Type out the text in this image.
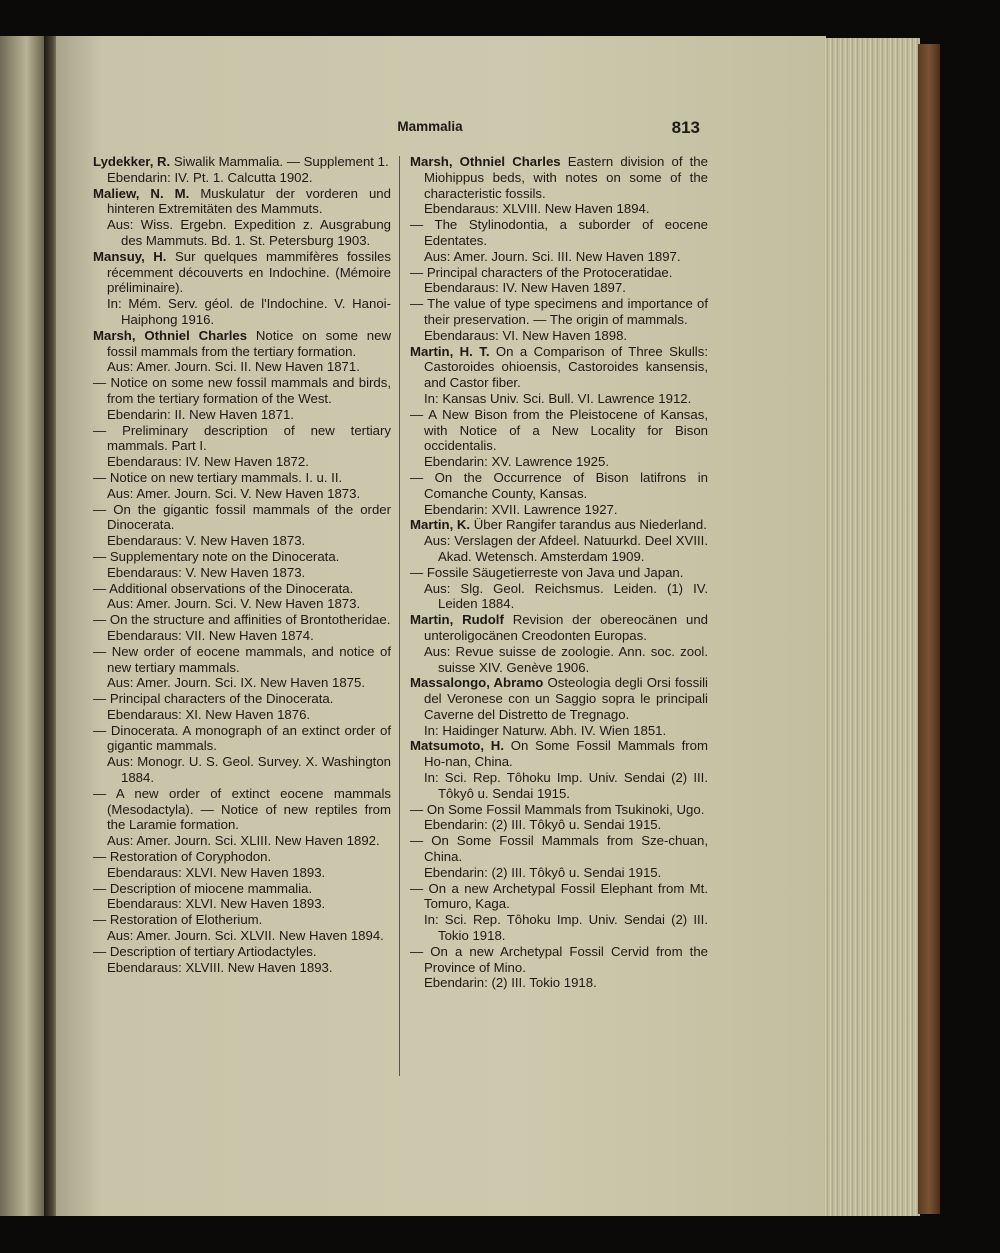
Mammalia	813

Lydekker, R. Siwalik Mammalia. — Supplement 1.

Ebendarin: IV. Pt. 1. Calcutta 1902.

Maliew, N. M. Muskulatur der vorderen und hinteren Extremitäten des Mammuts.

Aus: Wiss. Ergebn. Expedition z. Ausgrabung des Mammuts. Bd. 1. St. Petersburg 1903.

Mansuy, H. Sur quelques mammifères fossiles récemment découverts en Indochine. (Mémoire préliminaire).

In: Mém. Serv. géol. de l'Indochine. V. Hanoi-Haiphong 1916.

Marsh, Othniel Charles Notice on some new fossil mammals from the tertiary formation.

Aus: Amer. Journ. Sci. II. New Haven 1871.

— Notice on some new fossil mammals and birds, from the tertiary formation of the West.

Ebendarin: II. New Haven 1871.

— Preliminary description of new tertiary mammals. Part I.

Ebendaraus: IV. New Haven 1872.

— Notice on new tertiary mammals. I. u. II.

Aus: Amer. Journ. Sci. V. New Haven 1873.

— On the gigantic fossil mammals of the order Dinocerata.

Ebendaraus: V. New Haven 1873.

— Supplementary note on the Dinocerata.

Ebendaraus: V. New Haven 1873.

— Additional observations of the Dinocerata.

Aus: Amer. Journ. Sci. V. New Haven 1873.

— On the structure and affinities of Brontotheridae.

Ebendaraus: VII. New Haven 1874.

— New order of eocene mammals, and notice of new tertiary mammals.

Aus: Amer. Journ. Sci. IX. New Haven 1875.

— Principal characters of the Dinocerata.

Ebendaraus: XI. New Haven 1876.

— Dinocerata. A monograph of an extinct order of gigantic mammals.

Aus: Monogr. U. S. Geol. Survey. X. Washington 1884.

— A new order of extinct eocene mammals (Mesodactyla). — Notice of new reptiles from the Laramie formation.

Aus: Amer. Journ. Sci. XLIII. New Haven 1892.

— Restoration of Coryphodon.

Ebendaraus: XLVI. New Haven 1893.

— Description of miocene mammalia.

Ebendaraus: XLVI. New Haven 1893.

— Restoration of Elotherium.

Aus: Amer. Journ. Sci. XLVII. New Haven 1894.

— Description of tertiary Artiodactyles.

Ebendaraus: XLVIII. New Haven 1893.

Marsh, Othniel Charles Eastern division of the Miohippus beds, with notes on some of the characteristic fossils.

Ebendaraus: XLVIII. New Haven 1894.

— The Stylinodontia, a suborder of eocene Edentates.

Aus: Amer. Journ. Sci. III. New Haven 1897.

— Principal characters of the Protoceratidae.

Ebendaraus: IV. New Haven 1897.

— The value of type specimens and importance of their preservation. — The origin of mammals.

Ebendaraus: VI. New Haven 1898.

Martin, H. T. On a Comparison of Three Skulls: Castoroides ohioensis, Castoroides kansensis, and Castor fiber.

In: Kansas Univ. Sci. Bull. VI. Lawrence 1912.

— A New Bison from the Pleistocene of Kansas, with Notice of a New Locality for Bison occidentalis.

Ebendarin: XV. Lawrence 1925.

— On the Occurrence of Bison latifrons in Comanche County, Kansas.

Ebendarin: XVII. Lawrence 1927.

Martin, K. Über Rangifer tarandus aus Niederland.

Aus: Verslagen der Afdeel. Natuurkd. Deel XVIII. Akad. Wetensch. Amsterdam 1909.

— Fossile Säugetierreste von Java und Japan.

Aus: Slg. Geol. Reichsmus. Leiden. (1) IV. Leiden 1884.

Martin, Rudolf Revision der obereocänen und unteroligocänen Creodonten Europas.

Aus: Revue suisse de zoologie. Ann. soc. zool. suisse XIV. Genève 1906.

Massalongo, Abramo Osteologia degli Orsi fossili del Veronese con un Saggio sopra le principali Caverne del Distretto de Tregnago.

In: Haidinger Naturw. Abh. IV. Wien 1851.

Matsumoto, H. On Some Fossil Mammals from Ho-nan, China.

In: Sci. Rep. Tôhoku Imp. Univ. Sendai (2) III. Tôkyô u. Sendai 1915.

— On Some Fossil Mammals from Tsukinoki, Ugo.

Ebendarin: (2) III. Tôkyô u. Sendai 1915.

— On Some Fossil Mammals from Sze-chuan, China.

Ebendarin: (2) III. Tôkyô u. Sendai 1915.

— On a new Archetypal Fossil Elephant from Mt. Tomuro, Kaga.

In: Sci. Rep. Tôhoku Imp. Univ. Sendai (2) III. Tokio 1918.

— On a new Archetypal Fossil Cervid from the Province of Mino.

Ebendarin: (2) III. Tokio 1918.
